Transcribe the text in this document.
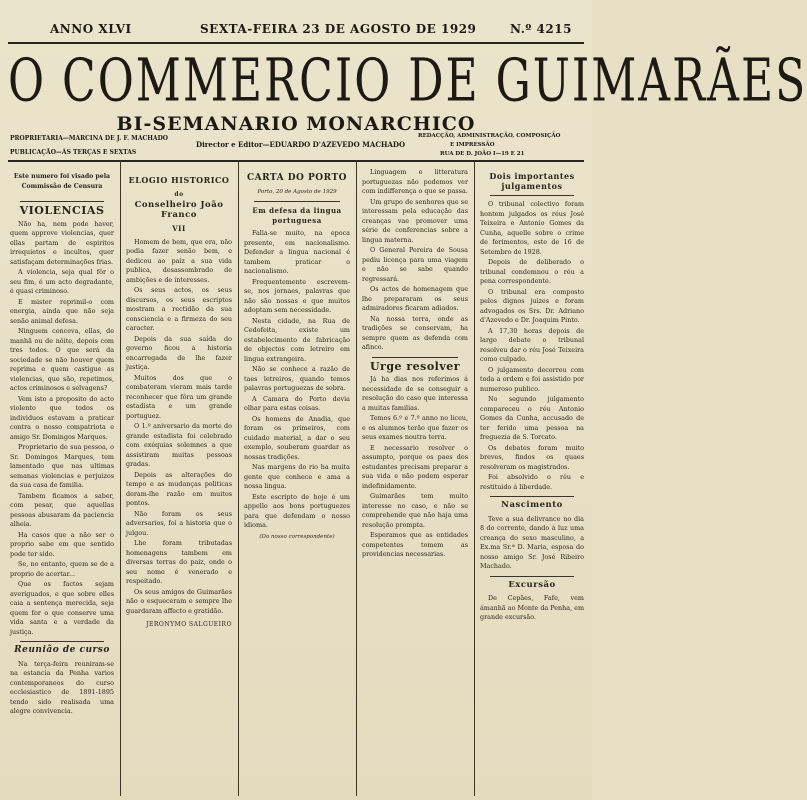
ANNO XLVI	SEXTA-FEIRA 23 DE AGOSTO DE 1929	N.º 4215
O COMMERCIO DE GUIMARÃES
BI-SEMANARIO MONARCHICO
PROPRIETARIA—MARCINA DE J. F. MACHADO
PUBLICAÇÃO—ÀS TERÇAS E SEXTAS
Director e Editor—EDUARDO D'AZEVEDO MACHADO
REDACÇÃO, ADMINISTRAÇÃO, COMPOSIÇÃO
E IMPRESSÃO
RUA DE D. JOÃO I—19 E 21
Este numero foi visado pela Commissão de Censura
VIOLENCIAS

Não ha, nem pode haver, quem approve violencias, quer ellas partam de espiritos irrequietos e incultos, quer satisfaçam determinações frias.

A violencia, seja qual fôr o seu fim, é um acto degradante, é quasi criminoso.

E mister reprimil-o com energia, ainda que não seja senão animal defesa.

Ninguem conceva, ellas, de manhã ou de nôite, depois com tres todos. O que será da sociedade se não houver quem reprima e quem castigue as violencias, que são, repetimos, actos criminosos e selvagens?

Vem isto a proposito do acto violento que todos os individuos estavam a praticar contra o nosso compatriota e amigo Sr. Domingos Marques.

Proprietario de sua pessoa, o Sr. Domingos Marques, tem lamentado que nas ultimas semanas violencias e perjuizos da sua casa de familia.

Tambem ficamos a saber, com pesar, que aquellas pessoas abusaram da paciencia alheia.

Ha casos que a não ser o proprio sabe em que sentido pode ter sido.

Se, no entanto, quem se de a proprio de acertar...

Que os factos sejam averiguados, e que sobre elles caia a sentença merecida, seja quem for o que conserve uma vida santa e a verdade da justiça.

Reunião de curso

Na terça-feira reuniram-se na estancia da Penha varios contemporaneos do curso ecclesiastico de 1891-1895 tendo sido realisada uma alegre convivencia.

ELOGIO HISTORICO
do
Conselheiro João Franco
VII

Homem de bem, que era, não podia fazer senão bem, e dedicou ao paiz a sua vida publica, desassombrado de ambições e de interesses.

Os seus actos, os seus discursos, os seus escriptos mostram a rectidão da sua consciencia e a firmeza do seu caracter.

Depois da sua saída do governo ficou a historia encarregada de lhe fazer justiça.

Muitos dos que o combateram vieram mais tarde reconhecer que fôra um grande estadista e um grande portuguez.

O 1.º aniversario da morte do grande estadista foi celebrado com exéquias solemnes a que assistiram muitas pessoas gradas.

Depois as alterações do tempo e as mudanças politicas deram-lhe razão em muitos pontos.

Não foram os seus adversarios, foi a historia que o julgou.

Lhe foram tributadas homenagens tambem em diversas terras do paiz, onde o seu nome é venerado e respeitado.

Os seus amigos de Guimarães não o esqueceram e sempre lhe guardaram affecto e gratidão.

JERONYMO SALGUEIRO
CARTA DO PORTO
Porto, 20 de Agosto de 1929
Em defesa da lingua portuguesa

Falla-se muito, na epoca presente, em nacionalismo. Defender a lingua nacional é tambem praticar o nacionalismo.

Frequentemente escrevem-se, nos jornaes, palavras que não são nossas e que muitos adoptam sem necessidade.

Nesta cidade, na Rua de Cedofeita, existe um estabelecimento de fabricação de objectos com letreiro em lingua extrangeira.

Não se conhece a razão de taes letreiros, quando temos palavras portuguezas de sobra.

A Camara do Porto devia olhar para estas coisas.

Os homens de Anadia, que foram os primeiros, com cuidado material, a dar o seu exemplo, souberam guardar as nossas tradições.

Nas margens do rio ha muita gente que conhece e ama a nossa lingua.

Este escripto de hoje é um appello aos bons portuguezes para que defendam o nosso idioma.

(Do nosso correspondente)

Linguagem e litteratura portuguezas não podemos ver com indifferença o que se passa.

Um grupo de senhores que se interessam pela educação das creanças vae promover uma série de conferencias sobre a lingua materna.

O General Pereira de Sousa pediu licença para uma viagem e não se sabe quando regressará.

Os actos de homenagem que lhe prepararam os seus admiradores ficaram adiados.

Na nossa terra, onde as tradições se conservam, ha sempre quem as defenda com afinco.

Urge resolver

Já ha dias nos referimos á necessidade de se conseguir a resolução do caso que interessa a muitas familias.

Temos 6.º e 7.º anno no liceu, e os alumnos terão que fazer os seus exames noutra terra.

E necessario resolver o assumpto, porque os paes dos estudantes precisam preparar a sua vida e não podem esperar indefinidamente.

Guimarães tem muito interesse no caso, e não se comprehende que não haja uma resolução prompta.

Esperamos que as entidades competentes tomem as providencias necessarias.

Dois importantes julgamentos

O tribunal colectivo foram hontem julgados os réus José Teixeira e Antonio Gomes da Cunha, aquelle sobre o crime de ferimentos, este de 16 de Setembro de 1928.

Depois de deliberado o tribunal condemnou o réu a pena correspondente.

O tribunal era composto pelos dignos juizes e foram advogados os Srs. Dr. Adriano d'Azevedo e Dr. Joaquim Pinto.

A 17,30 horas depois de largo debate o tribunal resolveu dar o réu José Teixeira como culpado.

O julgamento decorreu com toda a ordem e foi assistido por numeroso publico.

No segundo julgamento compareceu o réu Antonio Gomes da Cunha, accusado de ter ferido uma pessoa na freguezia de S. Torcato.

Os debates foram muito breves, findos os quaes resolveram os magistrados.

Foi absolvido o réu e restituido á liberdade.

Nascimento

Teve a sua delivrance no dia 8 do corrente, dando á luz uma creança do sexo masculino, a Ex.ma Sr.ª D. Maria, esposa do nosso amigo Sr. José Ribeiro Machado.

Excursão

De Cepães, Fafe, vem ámanhã ao Monte da Penha, em grande excursão.
